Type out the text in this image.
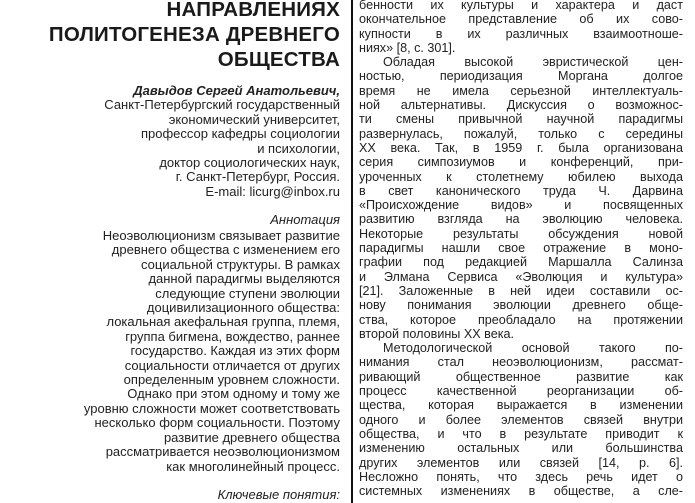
НАПРАВЛЕНИЯХ
ПОЛИТОГЕНЕЗА ДРЕВНЕГО
ОБЩЕСТВА
Давыдов Сергей Анатольевич,
Санкт-Петербургский государственный
экономический университет,
профессор кафедры социологии
и психологии,
доктор социологических наук,
г. Санкт-Петербург, Россия.
E-mail: licurg@inbox.ru
Аннотация
Неоэволюционизм связывает развитие
древнего общества с изменением его
социальной структуры. В рамках
данной парадигмы выделяются
следующие ступени эволюции
доцивилизационного общества:
локальная акефальная группа, племя,
группа бигмена, вождество, раннее
государство. Каждая из этих форм
социальности отличается от других
определенным уровнем сложности.
Однако при этом одному и тому же
уровню сложности может соответствовать
несколько форм социальности. Поэтому
развитие древнего общества
рассматривается неоэволюционизмом
как многолинейный процесс.
Ключевые понятия:
бенности их культуры и характера и даст
окончательное представление об их сово-
купности в их различных взаимоотноше-
ниях» [8, с. 301].
Обладая высокой эвристической цен-
ностью, периодизация Моргана долгое
время не имела серьезной интеллектуаль-
ной альтернативы. Дискуссия о возможнос-
ти смены привычной научной парадигмы
развернулась, пожалуй, только с середины
XX века. Так, в 1959 г. была организована
серия симпозиумов и конференций, при-
уроченных к столетнему юбилею выхода
в свет канонического труда Ч. Дарвина
«Происхождение видов» и посвященных
развитию взгляда на эволюцию человека.
Некоторые результаты обсуждения новой
парадигмы нашли свое отражение в моно-
графии под редакцией Маршалла Салинза
и Элмана Сервиса «Эволюция и культура»
[21]. Заложенные в ней идеи составили ос-
нову понимания эволюции древнего обще-
ства, которое преобладало на протяжении
второй половины XX века.
Методологической основой такого по-
нимания стал неоэволюционизм, рассмат-
ривающий общественное развитие как
процесс качественной реорганизации об-
щества, которая выражается в изменении
одного и более элементов связей внутри
общества, и что в результате приводит к
изменению остальных или большинства
других элементов или связей [14, р. 6].
Несложно понять, что здесь речь идет о
системных изменениях в обществе, а сле-
